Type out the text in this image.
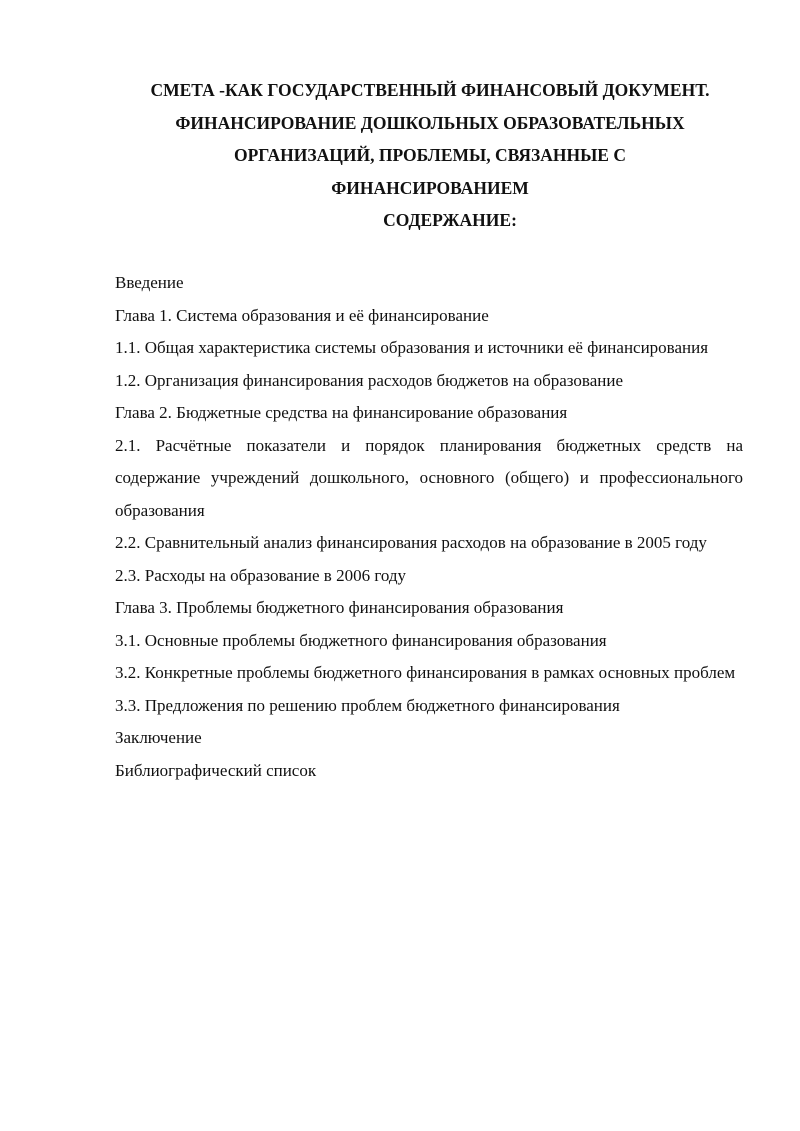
СМЕТА -КАК ГОСУДАРСТВЕННЫЙ ФИНАНСОВЫЙ ДОКУМЕНТ.
ФИНАНСИРОВАНИЕ ДОШКОЛЬНЫХ ОБРАЗОВАТЕЛЬНЫХ
ОРГАНИЗАЦИЙ, ПРОБЛЕМЫ, СВЯЗАННЫЕ С
ФИНАНСИРОВАНИЕМ
СОДЕРЖАНИЕ:
Введение
Глава 1. Система образования и её финансирование
1.1. Общая характеристика системы образования и источники её финансирования
1.2. Организация финансирования расходов бюджетов на образование
Глава 2. Бюджетные средства на финансирование образования
2.1. Расчётные показатели и порядок планирования бюджетных средств на содержание учреждений дошкольного, основного (общего) и профессионального образования
2.2. Сравнительный анализ финансирования расходов на образование в 2005 году
2.3. Расходы на образование в 2006 году
Глава 3. Проблемы бюджетного финансирования образования
3.1. Основные проблемы бюджетного финансирования образования
3.2. Конкретные проблемы бюджетного финансирования в рамках основных проблем
3.3. Предложения по решению проблем бюджетного финансирования
Заключение
Библиографический список
